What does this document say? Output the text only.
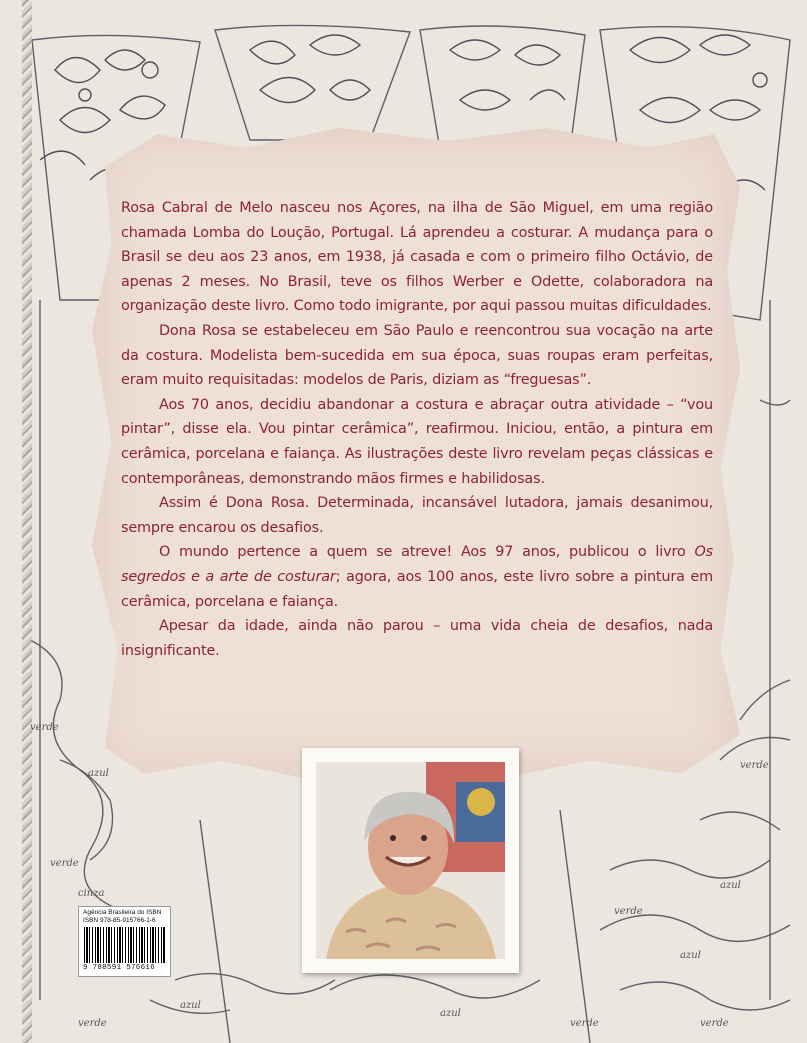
verde
azul
verde
cinza
verde
azul
azul
verde
azul
verde
verde
azul
verde

Rosa Cabral de Melo nasceu nos Açores, na ilha de São Miguel, em uma região chamada Lomba do Loução, Portugal. Lá aprendeu a costurar. A mudança para o Brasil se deu aos 23 anos, em 1938, já casada e com o primeiro filho Octávio, de apenas 2 meses. No Brasil, teve os filhos Werber e Odette, colaboradora na organização deste livro. Como todo imigrante, por aqui passou muitas dificuldades.

Dona Rosa se estabeleceu em São Paulo e reencontrou sua vocação na arte da costura. Modelista bem-sucedida em sua época, suas roupas eram perfeitas, eram muito requisitadas: modelos de Paris, diziam as “freguesas”.

Aos 70 anos, decidiu abandonar a costura e abraçar outra atividade – “vou pintar”, disse ela. Vou pintar cerâmica”, reafirmou. Iniciou, então, a pintura em cerâmica, porcelana e faiança. As ilustrações deste livro revelam peças clássicas e contemporâneas, demonstrando mãos firmes e habilidosas.

Assim é Dona Rosa. Determinada, incansável lutadora, jamais desanimou, sempre encarou os desafios.

O mundo pertence a quem se atreve! Aos 97 anos, publicou o livro Os segredos e a arte de costurar; agora, aos 100 anos, este livro sobre a pintura em cerâmica, porcelana e faiança.

Apesar da idade, ainda não parou – uma vida cheia de desafios, nada insignificante.

Agência Brasileira do ISBN
ISBN 978-85-915766-1-6
9 788591 576616
